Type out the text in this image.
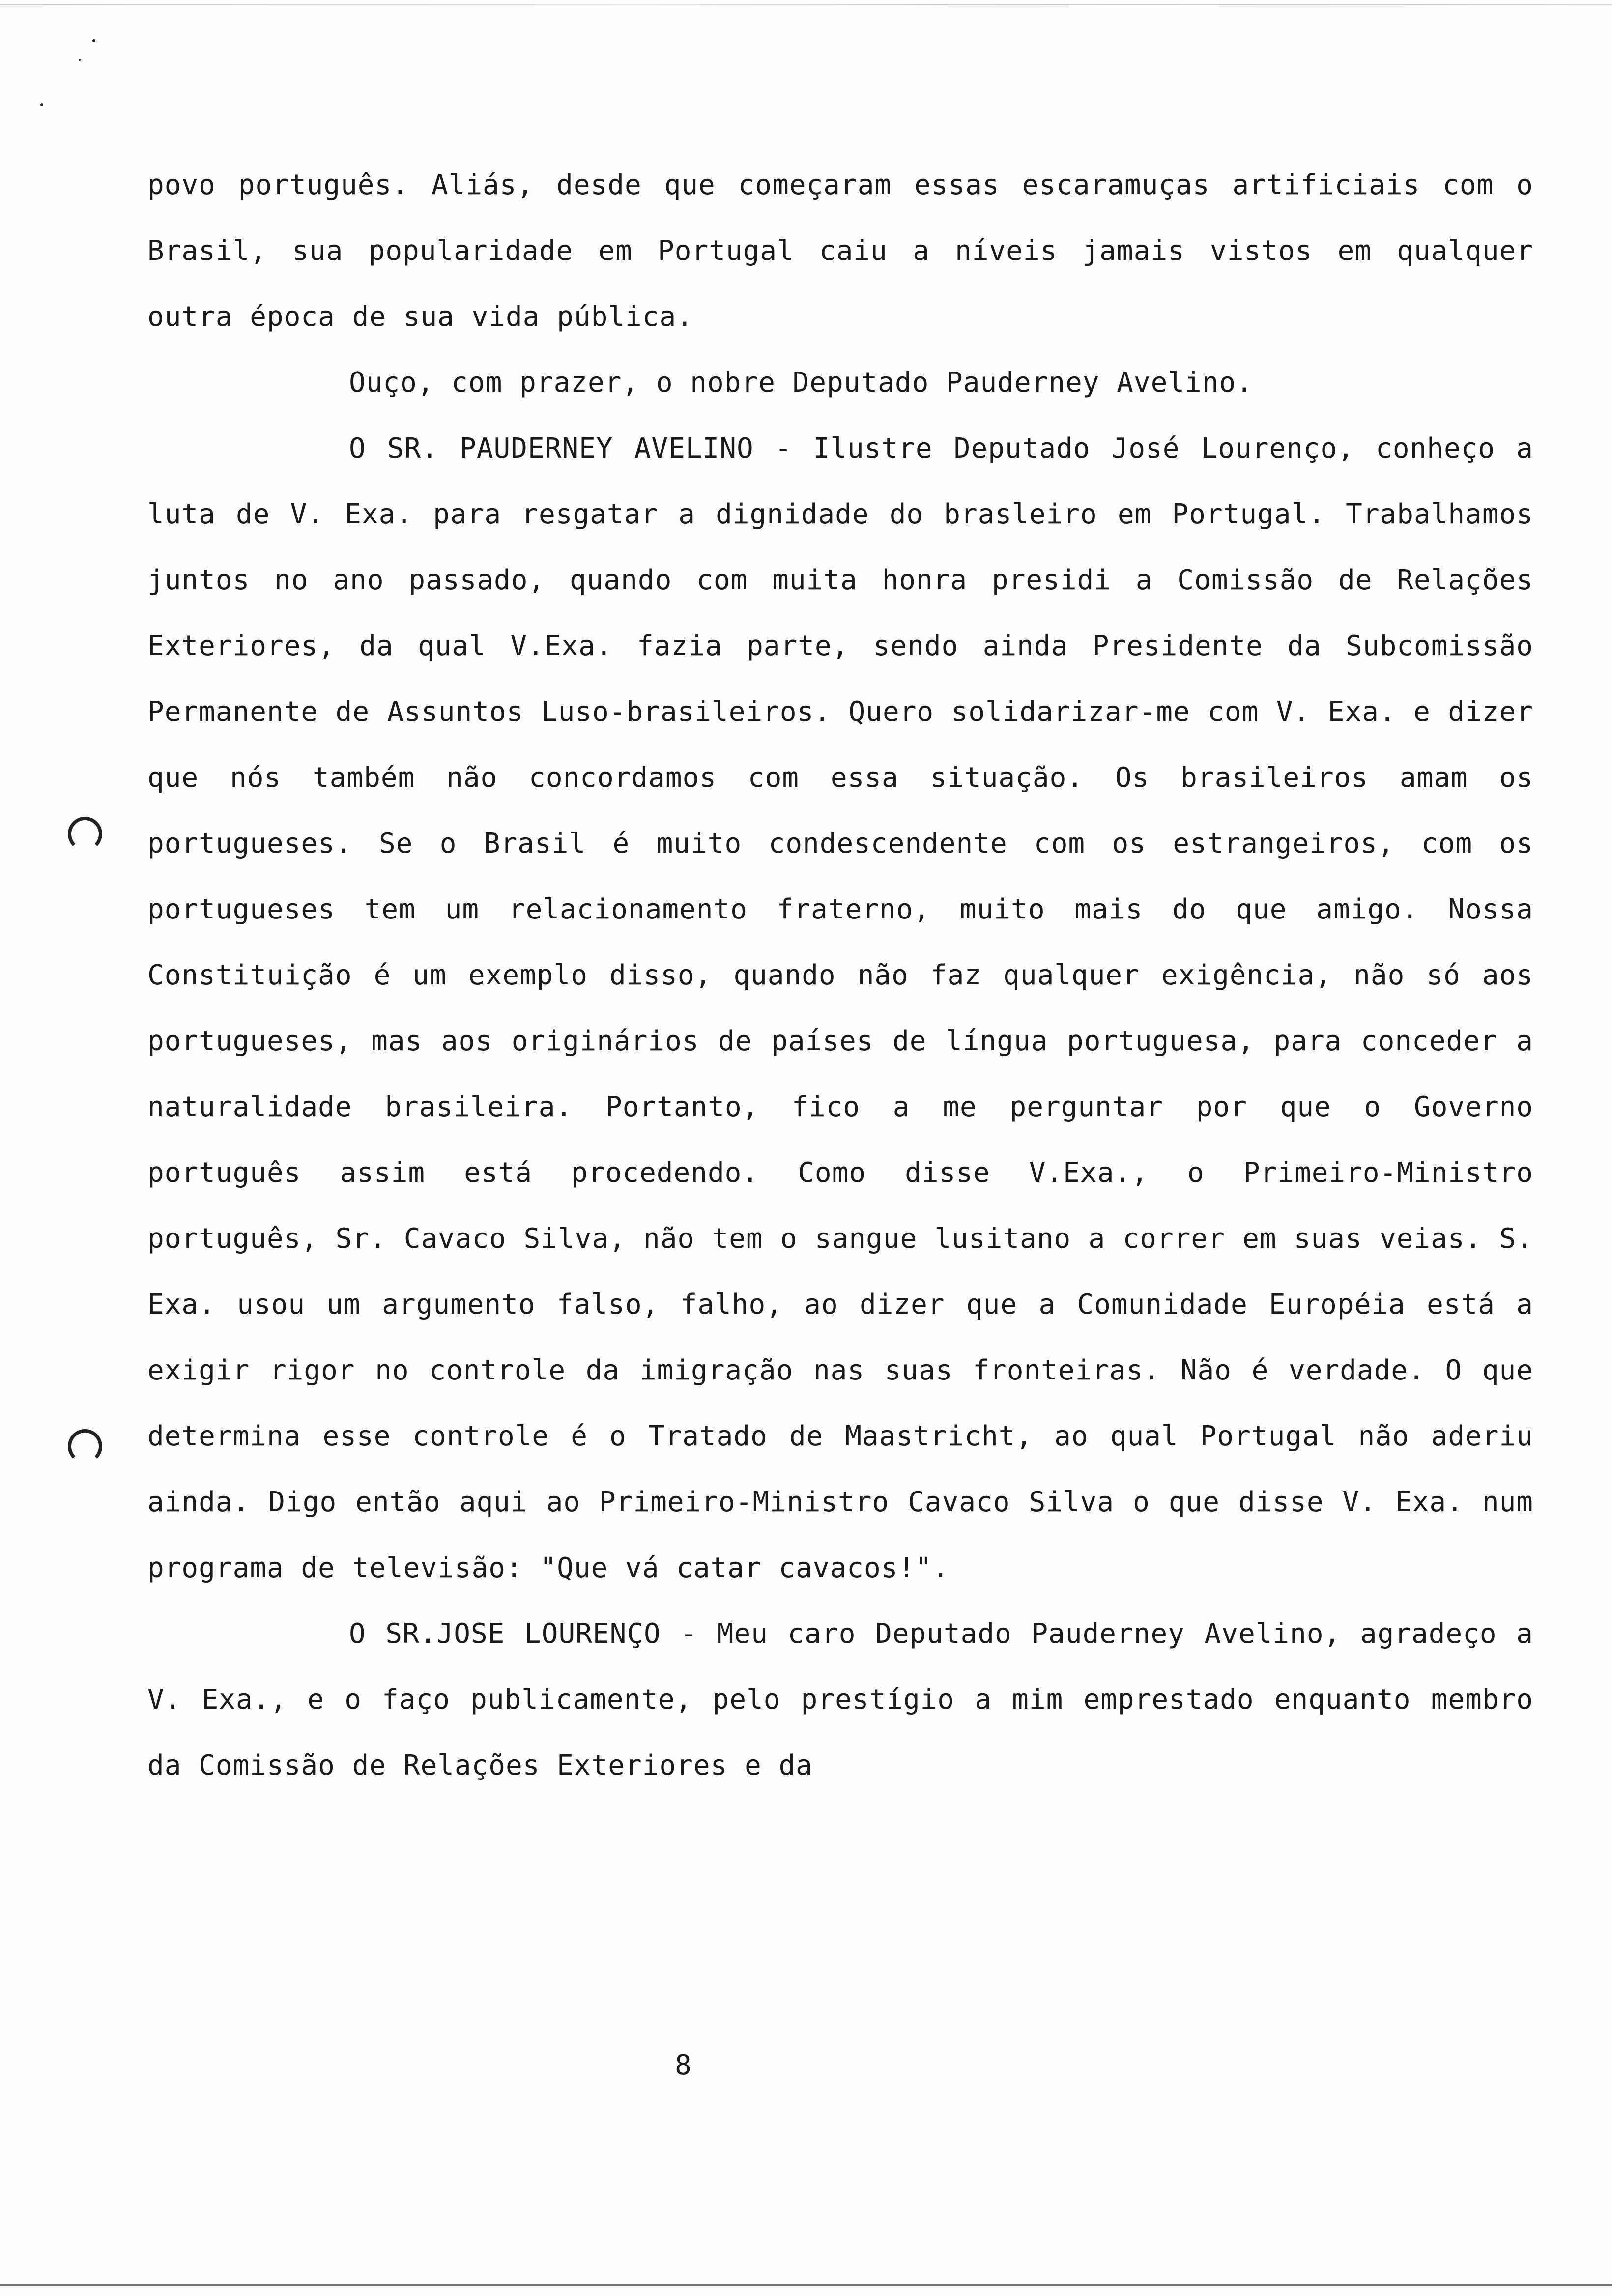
povo português. Aliás, desde que começaram essas escaramuças artificiais com o Brasil, sua popularidade em Portugal caiu a níveis jamais vistos em qualquer outra época de sua vida pública.

Ouço, com prazer, o nobre Deputado Pauderney Avelino.

O SR. PAUDERNEY AVELINO - Ilustre Deputado José Lourenço, conheço a luta de V. Exa. para resgatar a dignidade do brasleiro em Portugal. Trabalhamos juntos no ano passado, quando com muita honra presidi a Comissão de Relações Exteriores, da qual V.Exa. fazia parte, sendo ainda Presidente da Subcomissão Permanente de Assuntos Luso-brasileiros. Quero solidarizar-me com V. Exa. e dizer que nós também não concordamos com essa situação. Os brasileiros amam os portugueses. Se o Brasil é muito condescendente com os estrangeiros, com os portugueses tem um relacionamento fraterno, muito mais do que amigo. Nossa Constituição é um exemplo disso, quando não faz qualquer exigência, não só aos portugueses, mas aos originários de países de língua portuguesa, para conceder a naturalidade brasileira. Portanto, fico a me perguntar por que o Governo português assim está procedendo. Como disse V.Exa., o Primeiro-Ministro português, Sr. Cavaco Silva, não tem o sangue lusitano a correr em suas veias. S. Exa. usou um argumento falso, falho, ao dizer que a Comunidade Européia está a exigir rigor no controle da imigração nas suas fronteiras. Não é verdade. O que determina esse controle é o Tratado de Maastricht, ao qual Portugal não aderiu ainda. Digo então aqui ao Primeiro-Ministro Cavaco Silva o que disse V. Exa. num programa de televisão: "Que vá catar cavacos!".

O SR.JOSE LOURENÇO - Meu caro Deputado Pauderney Avelino, agradeço a V. Exa., e o faço publicamente, pelo prestígio a mim emprestado enquanto membro da Comissão de Relações Exteriores e da

8
